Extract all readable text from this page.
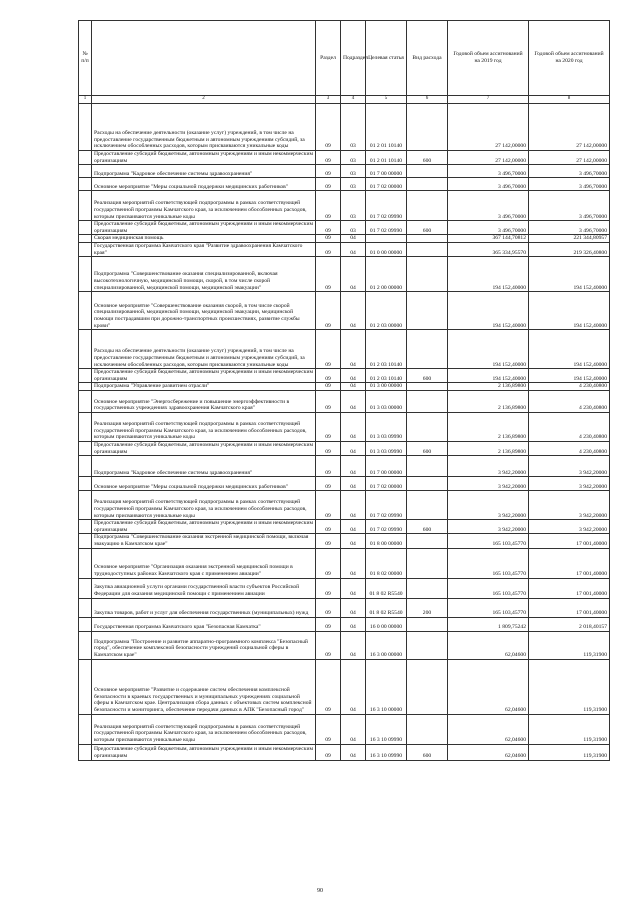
№ п/п		Раздел	Подраздел	Целевая статья	Вид расхода	Годовой объем ассигнований на 2019 год	Годовой объем ассигнований на 2020 год
1	2	3	4	5	6	7	8
	Расходы на обеспечение деятельности (оказание услуг) учреждений, в том числе на предоставление государственным бюджетным и автономным учреждениям субсидий, за исключением обособленных расходов, которым присваиваются уникальные коды	09	03	01 2 01 10140		27 142,00000	27 142,00000
	Предоставление субсидий бюджетным, автономным учреждениям и иным некоммерческим организациям	09	03	01 2 01 10140	600	27 142,00000	27 142,00000
	Подпрограмма "Кадровое обеспечение системы здравоохранения"	09	03	01 7 00 00000		3 496,70000	3 496,70000
	Основное мероприятие "Меры социальной поддержки медицинских работников"	09	03	01 7 02 00000		3 496,70000	3 496,70000
	Реализация мероприятий соответствующей подпрограммы в рамках соответствующей государственной программы Камчатского края, за исключением обособленных расходов, которым присваиваются уникальные коды	09	03	01 7 02 09990		3 496,70000	3 496,70000
	Предоставление субсидий бюджетным, автономным учреждениям и иным некоммерческим организациям	09	03	01 7 02 09990	600	3 496,70000	3 496,70000
	Скорая медицинская помощь	09	04			367 144,70812	221 344,80957
	Государственная программа Камчатского края "Развитие здравоохранения Камчатского края"	09	04	01 0 00 00000		365 334,95570	219 326,40800
	Подпрограмма "Совершенствование оказания специализированной, включая высокотехнологичную, медицинской помощи, скорой, в том числе скорой специализированной, медицинской помощи, медицинской эвакуации"	09	04	01 2 00 00000		194 152,40000	194 152,40000
	Основное мероприятие "Совершенствование оказания скорой, в том числе скорой специализированной, медицинской помощи, медицинской эвакуации, медицинской помощи пострадавшим при дорожно-транспортных происшествиях, развитие службы крови"	09	04	01 2 03 00000		194 152,40000	194 152,40000
	Расходы на обеспечение деятельности (оказание услуг) учреждений, в том числе на предоставление государственным бюджетным и автономным учреждениям субсидий, за исключением обособленных расходов, которым присваиваются уникальные коды	09	04	01 2 03 10140		194 152,40000	194 152,40000
	Предоставление субсидий бюджетным, автономным учреждениям и иным некоммерческим организациям	09	04	01 2 03 10140	600	194 152,40000	194 152,40000
	Подпрограмма "Управление развитием отрасли"	09	04	01 3 00 00000		2 136,89800	4 230,40800
	Основное мероприятие "Энергосбережение и повышение энергоэффективности в государственных учреждениях здравоохранения Камчатского края"	09	04	01 3 03 00000		2 136,89800	4 230,40800
	Реализация мероприятий соответствующей подпрограммы в рамках соответствующей государственной программы Камчатского края, за исключением обособленных расходов, которым присваиваются уникальные коды	09	04	01 3 03 09990		2 136,89800	4 230,40800
	Предоставление субсидий бюджетным, автономным учреждениям и иным некоммерческим организациям	09	04	01 3 03 09990	600	2 136,89800	4 230,40800
	Подпрограмма "Кадровое обеспечение системы здравоохранения"	09	04	01 7 00 00000		3 942,20000	3 942,20000
	Основное мероприятие "Меры социальной поддержки медицинских работников"	09	04	01 7 02 00000		3 942,20000	3 942,20000
	Реализация мероприятий соответствующей подпрограммы в рамках соответствующей государственной программы Камчатского края, за исключением обособленных расходов, которым присваиваются уникальные коды	09	04	01 7 02 09990		3 942,20000	3 942,20000
	Предоставление субсидий бюджетным, автономным учреждениям и иным некоммерческим организациям	09	04	01 7 02 09990	600	3 942,20000	3 942,20000
	Подпрограмма "Совершенствование оказания экстренной медицинской помощи, включая эвакуацию в Камчатском крае"	09	04	01 8 00 00000		165 103,45770	17 001,40000
	Основное мероприятие "Организация оказания экстренной медицинской помощи в труднодоступных районах Камчатского края с применением авиации"	09	04	01 8 02 00000		165 103,45770	17 001,40000
	Закупка авиационной услуги органами государственной власти субъектов Российской Федерации для оказания медицинской помощи с применением авиации	09	04	01 8 02 R5540		165 103,45770	17 001,40000
	Закупка товаров, работ и услуг для обеспечения государственных (муниципальных) нужд	09	04	01 8 02 R5540	200	165 103,45770	17 001,40000
	Государственная программа Камчатского края "Безопасная Камчатка"	09	04	16 0 00 00000		1 809,75242	2 018,40157
	Подпрограмма "Построение и развитие аппаратно-программного комплекса "Безопасный город", обеспечение комплексной безопасности учреждений социальной сферы в Камчатском крае"	09	04	16 3 00 00000		62,04600	119,31900
	Основное мероприятие "Развитие и содержание систем обеспечения комплексной безопасности в краевых государственных и муниципальных учреждениях социальной сферы в Камчатском крае. Централизация сбора данных с объектовых систем комплексной безопасности и мониторинга, обеспечение передачи данных в АПК "Безопасный город"	09	04	16 3 10 00000		62,04600	119,31900
	Реализация мероприятий соответствующей подпрограммы в рамках соответствующей государственной программы Камчатского края, за исключением обособленных расходов, которым присваиваются уникальные коды	09	04	16 3 10 09990		62,04600	119,31900
	Предоставление субсидий бюджетным, автономным учреждениям и иным некоммерческим организациям	09	04	16 3 10 09990	600	62,04600	119,31900
90
